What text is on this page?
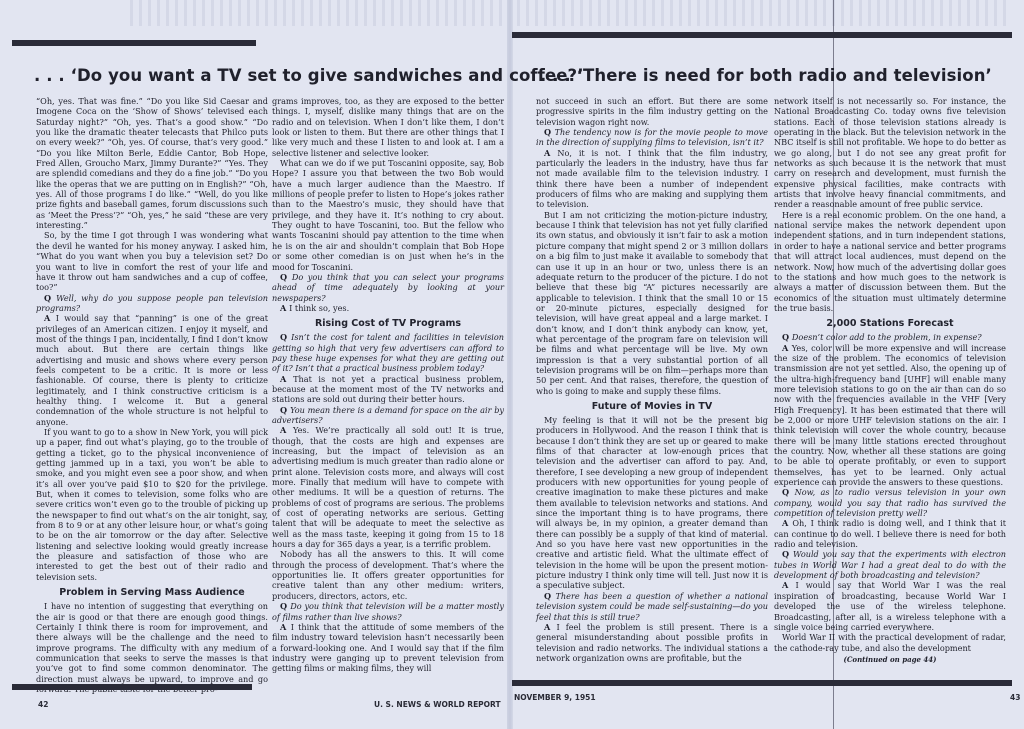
. . . ‘Do you want a TV set to give sandwiches and coffee?’

“Oh, yes. That was fine.” “Do you like Sid Caesar and Imogene Coca on the ‘Show of Shows’ televised each Saturday night?” “Oh, yes. That’s a good show.” “Do you like the dramatic theater telecasts that Philco puts on every week?” “Oh, yes. Of course, that’s very good.” “Do you like Milton Berle, Eddie Cantor, Bob Hope, Fred Allen, Groucho Marx, Jimmy Durante?” “Yes. They are splendid comedians and they do a fine job.” “Do you like the operas that we are putting on in English?” “Oh, yes. All of those programs I do like.” “Well, do you like prize fights and baseball games, forum discussions such as ‘Meet the Press’?” “Oh, yes,” he said “these are very interesting.”

So, by the time I got through I was wondering what the devil he wanted for his money anyway. I asked him, “What do you want when you buy a television set? Do you want to live in comfort the rest of your life and have it throw out ham sandwiches and a cup of coffee, too?”

Q Well, why do you suppose people pan television programs?

A I would say that “panning” is one of the great privileges of an American citizen. I enjoy it myself, and most of the things I pan, incidentally, I find I don’t know much about. But there are certain things like advertising and music and shows where every person feels competent to be a critic. It is more or less fashionable. Of course, there is plenty to criticize legitimately, and I think constructive criticism is a healthy thing. I welcome it. But a general condemnation of the whole structure is not helpful to anyone.

If you want to go to a show in New York, you will pick up a paper, find out what’s playing, go to the trouble of getting a ticket, go to the physical inconvenience of getting jammed up in a taxi, you won’t be able to smoke, and you might even see a poor show, and when it’s all over you’ve paid $10 to $20 for the privilege. But, when it comes to television, some folks who are severe critics won’t even go to the trouble of picking up the newspaper to find out what’s on the air tonight, say, from 8 to 9 or at any other leisure hour, or what’s going to be on the air tomorrow or the day after. Selective listening and selective looking would greatly increase the pleasure and satisfaction of those who are interested to get the best out of their radio and television sets.

Problem in Serving Mass Audience

I have no intention of suggesting that everything on the air is good or that there are enough good things. Certainly I think there is room for improvement, and there always will be the challenge and the need to improve programs. The difficulty with any medium of communication that seeks to serve the masses is that you’ve got to find some common denominator. The direction must always be upward, to improve and go

grams improves, too, as they are exposed to the better things. I, myself, dislike many things that are on the radio and on television. When I don’t like them, I don’t look or listen to them. But there are other things that I like very much and these I listen to and look at. I am a selective listener and selective looker.

What can we do if we put Toscanini opposite, say, Bob Hope? I assure you that between the two Bob would have a much larger audience than the Maestro. If millions of people prefer to listen to Hope’s jokes rather than to the Maestro’s music, they should have that privilege, and they have it. It’s nothing to cry about. They ought to have Toscanini, too. But the fellow who wants Toscanini should pay attention to the time when he is on the air and shouldn’t complain that Bob Hope or some other comedian is on just when he’s in the mood for Toscanini.

Q Do you think that you can select your programs ahead of time adequately by looking at your newspapers?

A I think so, yes.

Rising Cost of TV Programs

Q Isn’t the cost for talent and facilities in television getting so high that very few advertisers can afford to pay these huge expenses for what they are getting out of it? Isn’t that a practical business problem today?

A That is not yet a practical business problem, because at the moment most of the TV networks and stations are sold out during their better hours.

Q You mean there is a demand for space on the air by advertisers?

A Yes. We’re practically all sold out! It is true, though, that the costs are high and expenses are increasing, but the impact of television as an advertising medium is much greater than radio alone or print alone. Television costs more, and always will cost more. Finally that medium will have to compete with other mediums. It will be a question of returns. The problems of cost of programs are serious. The problems of cost of operating networks are serious. Getting talent that will be adequate to meet the selective as well as the mass taste, keeping it going from 15 to 18 hours a day for 365 days a year, is a terrific problem.

Nobody has all the answers to this. It will come through the process of development. That’s where the opportunities lie. It offers greater opportunities for creative talent than any other medium: writers, producers, directors, actors, etc.

Q Do you think that television will be a matter mostly of films rather than live shows?

A I think that the attitude of some members of the film industry toward television hasn’t necessarily been a forward-looking one. And I would say that if the film industry were ganging up to prevent television from getting films or making films, they will

42	U. S. NEWS & WORLD REPORT
. . . ‘There is need for both radio and television’

not succeed in such an effort. But there are some progressive spirits in the film industry getting on the television wagon right now.

Q The tendency now is for the movie people to move in the direction of supplying films to television, isn’t it?

A No, it is not. I think that the film industry, particularly the leaders in the industry, have thus far not made available film to the television industry. I think there have been a number of independent producers of films who are making and supplying them to television.

But I am not criticizing the motion-picture industry, because I think that television has not yet fully clarified its own status, and obviously it isn’t fair to ask a motion picture company that might spend 2 or 3 million dollars on a big film to just make it available to somebody that can use it up in an hour or two, unless there is an adequate return to the producer of the picture. I do not believe that these big “A” pictures necessarily are applicable to television. I think that the small 10 or 15 or 20-minute pictures, especially designed for television, will have great appeal and a large market. I don’t know, and I don’t think anybody can know, yet, what percentage of the program fare on television will be films and what percentage will be live. My own impression is that a very substantial portion of all television programs will be on film—perhaps more than 50 per cent. And that raises, therefore, the question of who is going to make and supply these films.

Future of Movies in TV

My feeling is that it will not be the present big producers in Hollywood. And the reason I think that is because I don’t think they are set up or geared to make films of that character at low-enough prices that television and the advertiser can afford to pay. And, therefore, I see developing a new group of independent producers with new opportunities for young people of creative imagination to make these pictures and make them available to television networks and stations. And since the important thing is to have programs, there will always be, in my opinion, a greater demand than there can possibly be a supply of that kind of material. And so you have here vast new opportunities in the creative and artistic field. What the ultimate effect of television in the home will be upon the present motion-picture industry I think only time will tell. Just now it is a speculative subject.

Q There has been a question of whether a national television system could be made self-sustaining—do you feel that this is still true?

A I feel the problem is still present. There is a general misunderstanding about possible profits in television and radio networks. The individual stations a network organization owns are profitable, but the

network itself is not necessarily so. For instance, the National Broadcasting Co. today owns five television stations. Each of those television stations already is operating in the black. But the television network in the NBC itself is still not profitable. We hope to do better as we go along, but I do not see any great profit for networks as such because it is the network that must carry on research and development, must furnish the expensive physical facilities, make contracts with artists that involve heavy financial commitments, and render a reasonable amount of free public service.

Here is a real economic problem. On the one hand, a national service makes the network dependent upon independent stations, and in turn independent stations, in order to have a national service and better programs that will attract local audiences, must depend on the network. Now, how much of the advertising dollar goes to the stations and how much goes to the network is always a matter of discussion between them. But the economics of the situation must ultimately determine the true basis.

2,000 Stations Forecast

Q Doesn’t color add to the problem, in expense?

A Yes, color will be more expensive and will increase the size of the problem. The economics of television transmission are not yet settled. Also, the opening up of the ultra-high-frequency band [UHF] will enable many more television stations to go on the air than can do so now with the frequencies available in the VHF [Very High Frequency]. It has been estimated that there will be 2,000 or more UHF television stations on the air. I think television will cover the whole country, because there will be many little stations erected throughout the country. Now, whether all these stations are going to be able to operate profitably, or even to support themselves, has yet to be learned. Only actual experience can provide the answers to these questions.

Q Now, as to radio versus television in your own company, would you say that radio has survived the competition of television pretty well?

A Oh, I think radio is doing well, and I think that it can continue to do well. I believe there is need for both radio and television.

Q Would you say that the experiments with electron tubes in World War I had a great deal to do with the development of both broadcasting and television?

A I would say that World War I was the real inspiration of broadcasting, because World War I developed the use of the wireless telephone. Broadcasting, after all, is a wireless telephone with a single voice being carried everywhere.

World War II with the practical development of radar, the cathode-ray tube, and also the development

(Continued on page 44)
NOVEMBER 9, 1951	43
